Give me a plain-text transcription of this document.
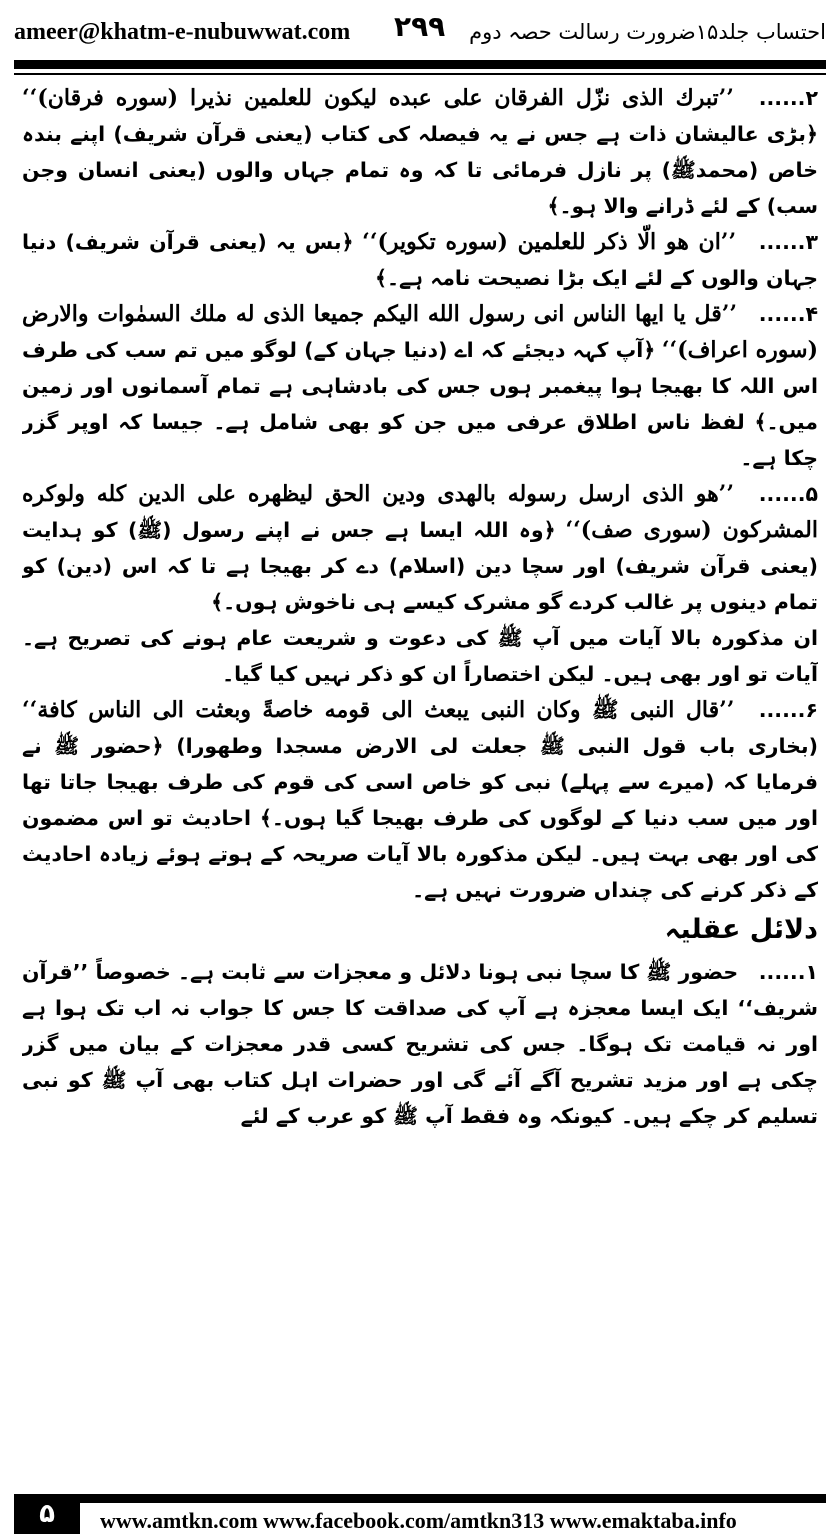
ameer@khatm-e-nubuwwat.com ۲۹۹ احتساب جلد۱۵ضرورت رسالت حصہ دوم

۲...... ’’تبرك الذى نزّل الفرقان على عبده ليكون للعلمين نذيرا (سوره فرقان)‘‘ ﴿بڑی عالیشان ذات ہے جس نے یہ فیصلہ کی کتاب (یعنی قرآن شریف) اپنے بندہ خاص (محمدﷺ) پر نازل فرمائی تا کہ وہ تمام جہاں والوں (یعنی انسان وجن سب) کے لئے ڈرانے والا ہو۔﴾

۳...... ’’ان هو الّا ذكر للعلمين (سوره تكوير)‘‘ ﴿بس یہ (یعنی قرآن شریف) دنیا جہان والوں کے لئے ایک بڑا نصیحت نامہ ہے۔﴾

۴...... ’’قل يا ايها الناس انى رسول الله اليكم جميعا الذى له ملك السمٰوات والارض (سوره اعراف)‘‘ ﴿آپ کہہ دیجئے کہ اے (دنیا جہان کے) لوگو میں تم سب کی طرف اس اللہ کا بھیجا ہوا پیغمبر ہوں جس کی بادشاہی ہے تمام آسمانوں اور زمین میں۔﴾ لفظ ناس اطلاق عرفی میں جن کو بھی شامل ہے۔ جیسا کہ اوپر گزر چکا ہے۔

۵...... ’’هو الذى ارسل رسوله بالهدى ودين الحق ليظهره على الدين كله ولوكره المشركون (سورى صف)‘‘ ﴿وہ اللہ ایسا ہے جس نے اپنے رسول (ﷺ) کو ہدایت (یعنی قرآن شریف) اور سچا دین (اسلام) دے کر بھیجا ہے تا کہ اس (دین) کو تمام دینوں پر غالب کردے گو مشرک کیسے ہی ناخوش ہوں۔﴾

ان مذکورہ بالا آیات میں آپ ﷺ کی دعوت و شریعت عام ہونے کی تصریح ہے۔ آیات تو اور بھی ہیں۔ لیکن اختصاراً ان کو ذکر نہیں کیا گیا۔

۶...... ’’قال النبى ﷺ وكان النبى يبعث الى قومه خاصةً وبعثت الى الناس كافة‘‘ (بخاری باب قول النبی ﷺ جعلت لی الارض مسجدا وطهورا) ﴿حضور ﷺ نے فرمایا کہ (میرے سے پہلے) نبی کو خاص اسی کی قوم کی طرف بھیجا جاتا تھا اور میں سب دنیا کے لوگوں کی طرف بھیجا گیا ہوں۔﴾ احادیث تو اس مضمون کی اور بھی بہت ہیں۔ لیکن مذکورہ بالا آیات صریحہ کے ہوتے ہوئے زیادہ احادیث کے ذکر کرنے کی چنداں ضرورت نہیں ہے۔

دلائل عقلیہ

۱...... حضور ﷺ کا سچا نبی ہونا دلائل و معجزات سے ثابت ہے۔ خصوصاً ’’قرآن شریف‘‘ ایک ایسا معجزہ ہے آپ کی صداقت کا جس کا جواب نہ اب تک ہوا ہے اور نہ قیامت تک ہوگا۔ جس کی تشریح کسی قدر معجزات کے بیان میں گزر چکی ہے اور مزید تشریح آگے آئے گی اور حضرات اہل کتاب بھی آپ ﷺ کو نبی تسلیم کر چکے ہیں۔ کیونکہ وہ فقط آپ ﷺ کو عرب کے لئے

۵	www.amtkn.com www.facebook.com/amtkn313 www.emaktaba.info
